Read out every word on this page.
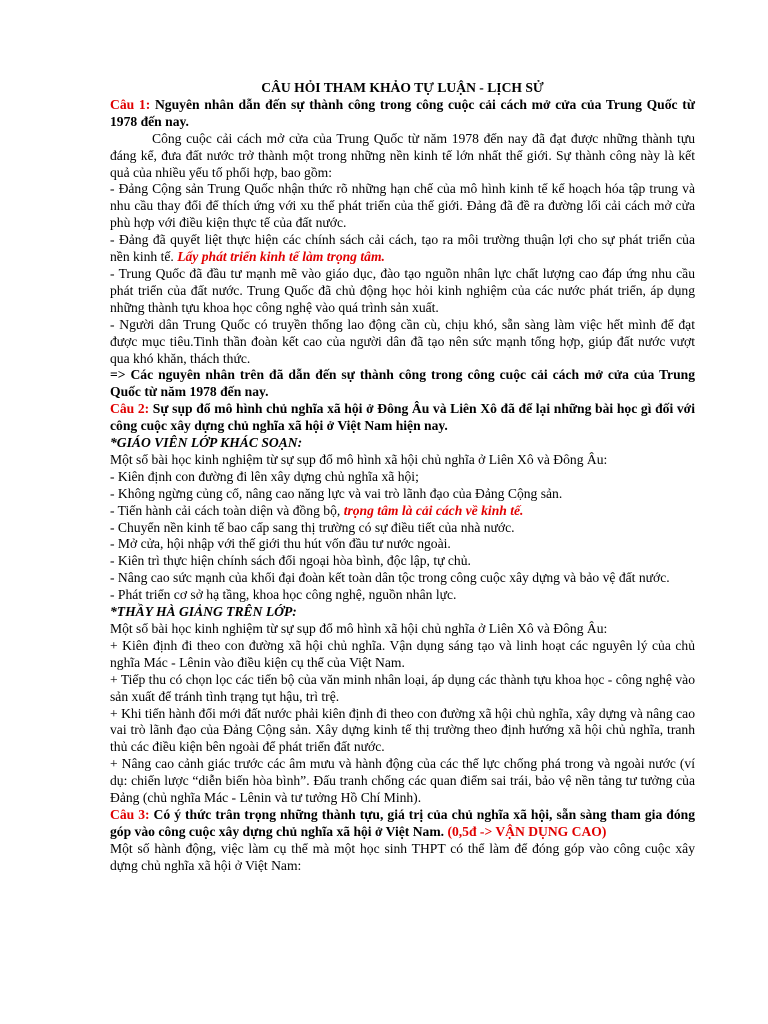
CÂU HỎI THAM KHẢO TỰ LUẬN - LỊCH SỬ

Câu 1: Nguyên nhân dẫn đến sự thành công trong công cuộc cải cách mở cửa của Trung Quốc từ 1978 đến nay.

Công cuộc cải cách mở cửa của Trung Quốc từ năm 1978 đến nay đã đạt được những thành tựu đáng kể, đưa đất nước trở thành một trong những nền kinh tế lớn nhất thế giới. Sự thành công này là kết quả của nhiều yếu tố phối hợp, bao gồm:

- Đảng Cộng sản Trung Quốc nhận thức rõ những hạn chế của mô hình kinh tế kế hoạch hóa tập trung và nhu cầu thay đổi để thích ứng với xu thế phát triển của thế giới. Đảng đã đề ra đường lối cải cách mở cửa phù hợp với điều kiện thực tế của đất nước.

- Đảng đã quyết liệt thực hiện các chính sách cải cách, tạo ra môi trường thuận lợi cho sự phát triển của nền kinh tế. Lấy phát triển kinh tế làm trọng tâm.

- Trung Quốc đã đầu tư mạnh mẽ vào giáo dục, đào tạo nguồn nhân lực chất lượng cao đáp ứng nhu cầu phát triển của đất nước. Trung Quốc đã chủ động học hỏi kinh nghiệm của các nước phát triển, áp dụng những thành tựu khoa học công nghệ vào quá trình sản xuất.

- Người dân Trung Quốc có truyền thống lao động cần cù, chịu khó, sẵn sàng làm việc hết mình để đạt được mục tiêu.Tinh thần đoàn kết cao của người dân đã tạo nên sức mạnh tổng hợp, giúp đất nước vượt qua khó khăn, thách thức.

=> Các nguyên nhân trên đã dẫn đến sự thành công trong công cuộc cải cách mở cửa của Trung Quốc từ năm 1978 đến nay.

Câu 2: Sự sụp đổ mô hình chủ nghĩa xã hội ở Đông Âu và Liên Xô đã để lại những bài học gì đối với công cuộc xây dựng chủ nghĩa xã hội ở Việt Nam hiện nay.

*GIÁO VIÊN LỚP KHÁC SOẠN:

Một số bài học kinh nghiệm từ sự sụp đổ mô hình xã hội chủ nghĩa ở Liên Xô và Đông Âu:

- Kiên định con đường đi lên xây dựng chủ nghĩa xã hội;

- Không ngừng củng cố, nâng cao năng lực và vai trò lãnh đạo của Đảng Cộng sản.

- Tiến hành cải cách toàn diện và đồng bộ, trọng tâm là cải cách về kinh tế.

- Chuyển nền kinh tế bao cấp sang thị trường có sự điều tiết của nhà nước.

- Mở cửa, hội nhập với thế giới thu hút vốn đầu tư nước ngoài.

- Kiên trì thực hiện chính sách đối ngoại hòa bình, độc lập, tự chủ.

- Nâng cao sức mạnh của khối đại đoàn kết toàn dân tộc trong công cuộc xây dựng và bảo vệ đất nước.

- Phát triển cơ sở hạ tầng, khoa học công nghệ, nguồn nhân lực.

*THẦY HÀ GIẢNG TRÊN LỚP:

Một số bài học kinh nghiệm từ sự sụp đổ mô hình xã hội chủ nghĩa ở Liên Xô và Đông Âu:

+ Kiên định đi theo con đường xã hội chủ nghĩa. Vận dụng sáng tạo và linh hoạt các nguyên lý của chủ nghĩa Mác - Lênin vào điều kiện cụ thể của Việt Nam.

+ Tiếp thu có chọn lọc các tiến bộ của văn minh nhân loại, áp dụng các thành tựu khoa học - công nghệ vào sản xuất để tránh tình trạng tụt hậu, trì trệ.

+ Khi tiến hành đổi mới đất nước phải kiên định đi theo con đường xã hội chủ nghĩa, xây dựng và nâng cao vai trò lãnh đạo của Đảng Cộng sản. Xây dựng kinh tế thị trường theo định hướng xã hội chủ nghĩa, tranh thủ các điều kiện bên ngoài để phát triển đất nước.

+ Nâng cao cảnh giác trước các âm mưu và hành động của các thế lực chống phá trong và ngoài nước (ví dụ: chiến lược “diễn biến hòa bình”. Đấu tranh chống các quan điểm sai trái, bảo vệ nền tảng tư tưởng của Đảng (chủ nghĩa Mác - Lênin và tư tưởng Hồ Chí Minh).

Câu 3: Có ý thức trân trọng những thành tựu, giá trị của chủ nghĩa xã hội, sẵn sàng tham gia đóng góp vào công cuộc xây dựng chủ nghĩa xã hội ở Việt Nam. (0,5đ -> VẬN DỤNG CAO)

Một số hành động, việc làm cụ thể mà một học sinh THPT có thể làm để đóng góp vào công cuộc xây dựng chủ nghĩa xã hội ở Việt Nam:
